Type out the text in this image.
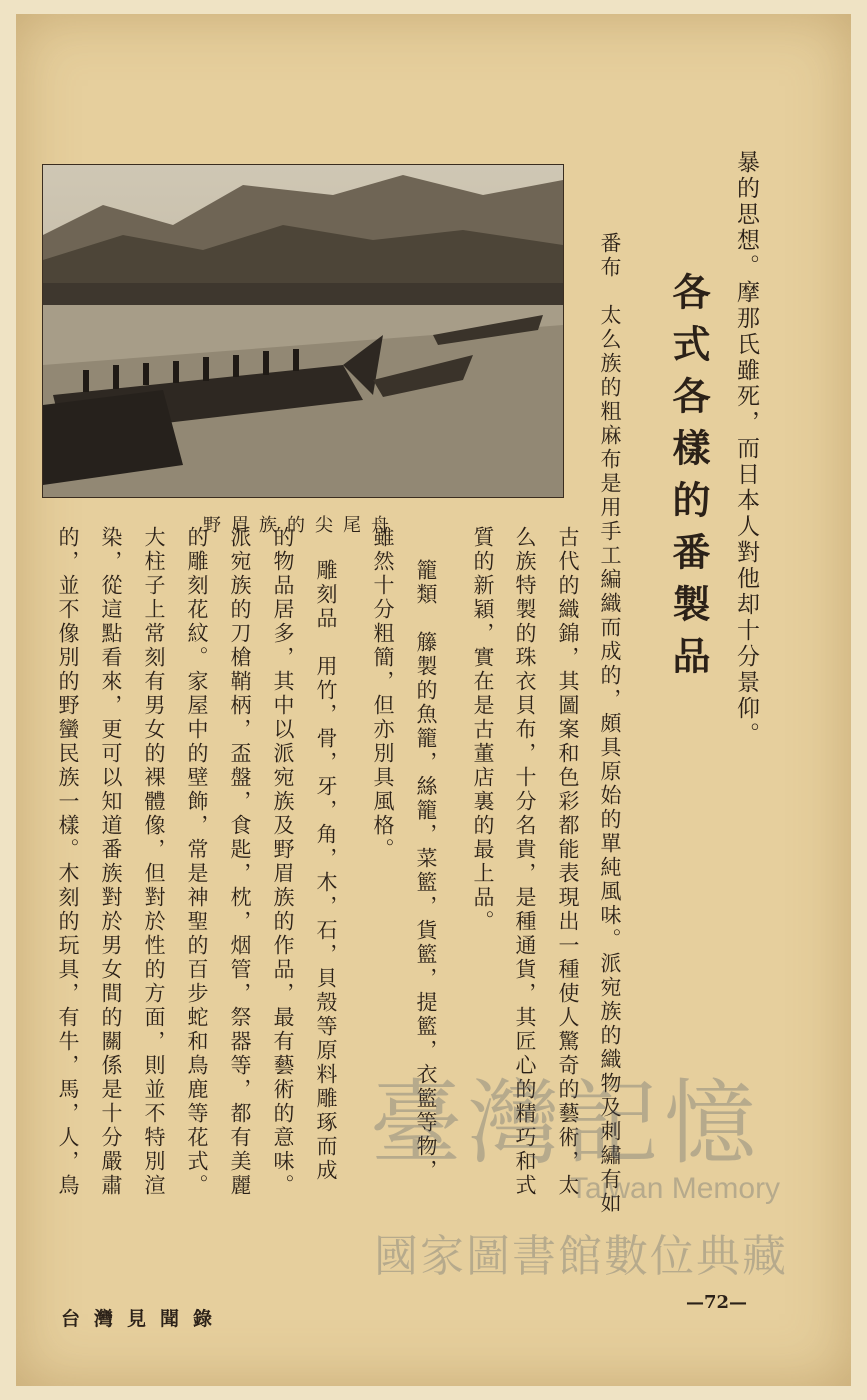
野眉族的尖尾舟	暴的思想。摩那氏雖死，而日本人對他却十分景仰。
各式各樣的番製品
番布　太么族的粗麻布是用手工編織而成的，頗具原始的單純風味。派宛族的織物及刺繡有如
古代的織錦，其圖案和色彩都能表現出一種使人驚奇的藝術，太
么族特製的珠衣貝布，十分名貴，是種通貨，其匠心的精巧和式
質的新穎，實在是古董店裏的最上品。
籠類　籐製的魚籠，絲籠，菜籃，貨籃，提籃，衣籃等物，
雖然十分粗簡，但亦別具風格。
雕刻品　用竹，骨，牙，角，木，石，貝殼等原料雕琢而成
的物品居多，其中以派宛族及野眉族的作品，最有藝術的意味。
派宛族的刀槍鞘柄，盃盤，食匙，枕，烟管，祭器等，都有美麗
的雕刻花紋。家屋中的壁飾，常是神聖的百步蛇和鳥鹿等花式。
大柱子上常刻有男女的裸體像，但對於性的方面，則並不特別渲
染，從這點看來，更可以知道番族對於男女間的關係是十分嚴肅
的，並不像別的野蠻民族一樣。木刻的玩具，有牛，馬，人，鳥
—72—
台灣見聞錄
臺灣記憶
Taiwan Memory
國家圖書館數位典藏
